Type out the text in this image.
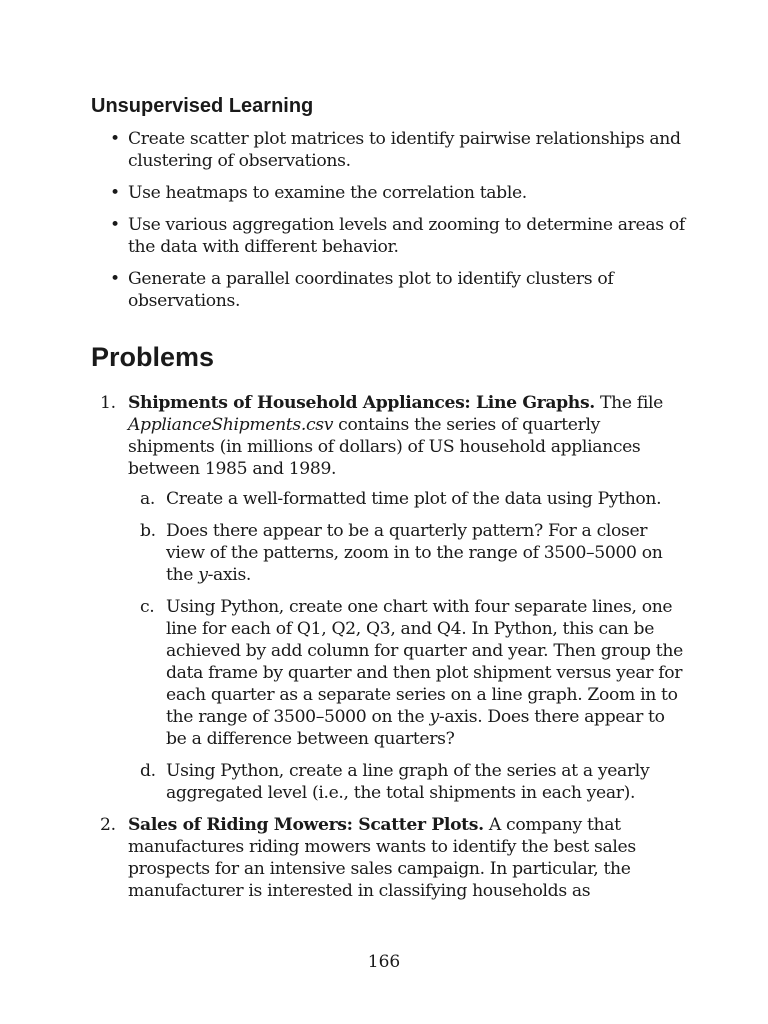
Unsupervised Learning
• Create scatter plot matrices to identify pairwise relationships and clustering of observations.
• Use heatmaps to examine the correlation table.
• Use various aggregation levels and zooming to determine areas of the data with different behavior.
• Generate a parallel coordinates plot to identify clusters of observations.
Problems
1. Shipments of Household Appliances: Line Graphs. The file ApplianceShipments.csv contains the series of quarterly shipments (in millions of dollars) of US household appliances between 1985 and 1989.
a. Create a well-formatted time plot of the data using Python.
b. Does there appear to be a quarterly pattern? For a closer view of the patterns, zoom in to the range of 3500–5000 on the y-axis.
c. Using Python, create one chart with four separate lines, one line for each of Q1, Q2, Q3, and Q4. In Python, this can be achieved by add column for quarter and year. Then group the data frame by quarter and then plot shipment versus year for each quarter as a separate series on a line graph. Zoom in to the range of 3500–5000 on the y-axis. Does there appear to be a difference between quarters?
d. Using Python, create a line graph of the series at a yearly aggregated level (i.e., the total shipments in each year).
2. Sales of Riding Mowers: Scatter Plots. A company that manufactures riding mowers wants to identify the best sales prospects for an intensive sales campaign. In particular, the manufacturer is interested in classifying households as
166
